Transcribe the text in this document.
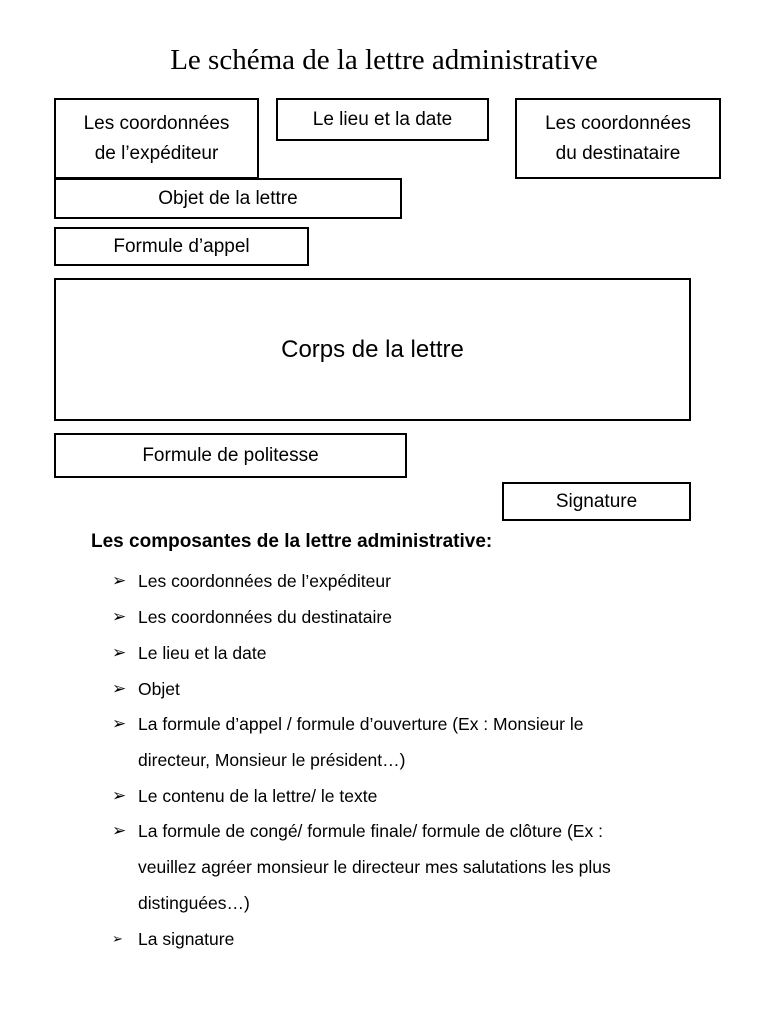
Le schéma de la lettre administrative
Les coordonnées
de l’expéditeur
Le lieu et la date	Les coordonnées
du destinataire
Objet de la lettre
Formule d’appel
Corps de la lettre
Formule de politesse
Signature
Les composantes de la lettre administrative:
➢ Les coordonnées de l’expéditeur
➢ Les coordonnées du destinataire
➢ Le lieu et la date
➢ Objet
➢ La formule d’appel / formule d’ouverture (Ex : Monsieur le
directeur, Monsieur le président…)
➢ Le contenu de la lettre/ le texte
➢ La formule de congé/ formule finale/ formule de clôture (Ex :
veuillez agréer monsieur le directeur mes salutations les plus
distinguées…)
➢ La signature
